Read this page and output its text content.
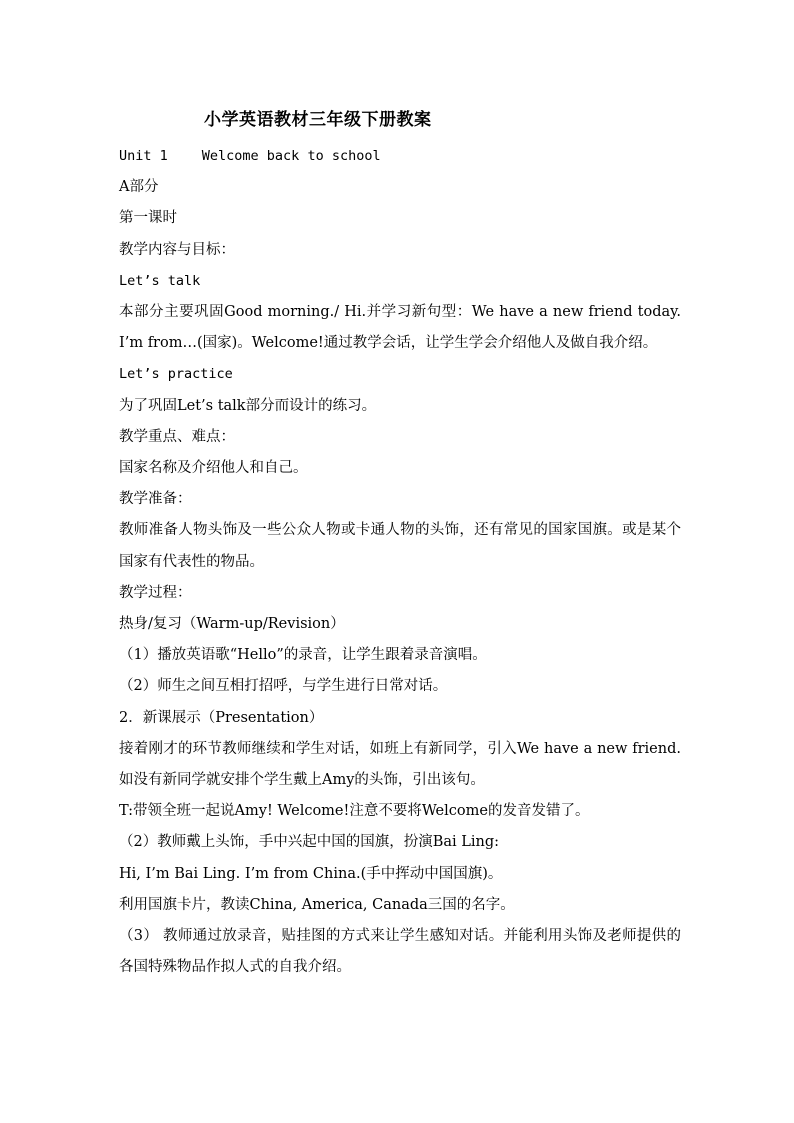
小学英语教材三年级下册教案
Unit 1	Welcome back to school
A部分
第一课时
教学内容与目标：
Let’s talk
本部分主要巩固Good morning./ Hi.并学习新句型：We have a new friend today.I’m from…(国家)。Welcome!通过教学会话，让学生学会介绍他人及做自我介绍。
Let’s practice
为了巩固Let’s talk部分而设计的练习。
教学重点、难点：
国家名称及介绍他人和自己。
教学准备：
教师准备人物头饰及一些公众人物或卡通人物的头饰，还有常见的国家国旗。或是某个国家有代表性的物品。
教学过程：
热身/复习（Warm-up/Revision）
（1）播放英语歌“Hello”的录音，让学生跟着录音演唱。
（2）师生之间互相打招呼，与学生进行日常对话。
2．新课展示（Presentation）
接着刚才的环节教师继续和学生对话，如班上有新同学，引入We have a new friend.如没有新同学就安排个学生戴上Amy的头饰，引出该句。
T:带领全班一起说Amy! Welcome!注意不要将Welcome的发音发错了。
（2）教师戴上头饰，手中兴起中国的国旗，扮演Bai Ling:
Hi, I’m Bai Ling. I’m from China.(手中挥动中国国旗)。
利用国旗卡片，教读China, America, Canada三国的名字。
（3） 教师通过放录音，贴挂图的方式来让学生感知对话。并能利用头饰及老师提供的各国特殊物品作拟人式的自我介绍。
